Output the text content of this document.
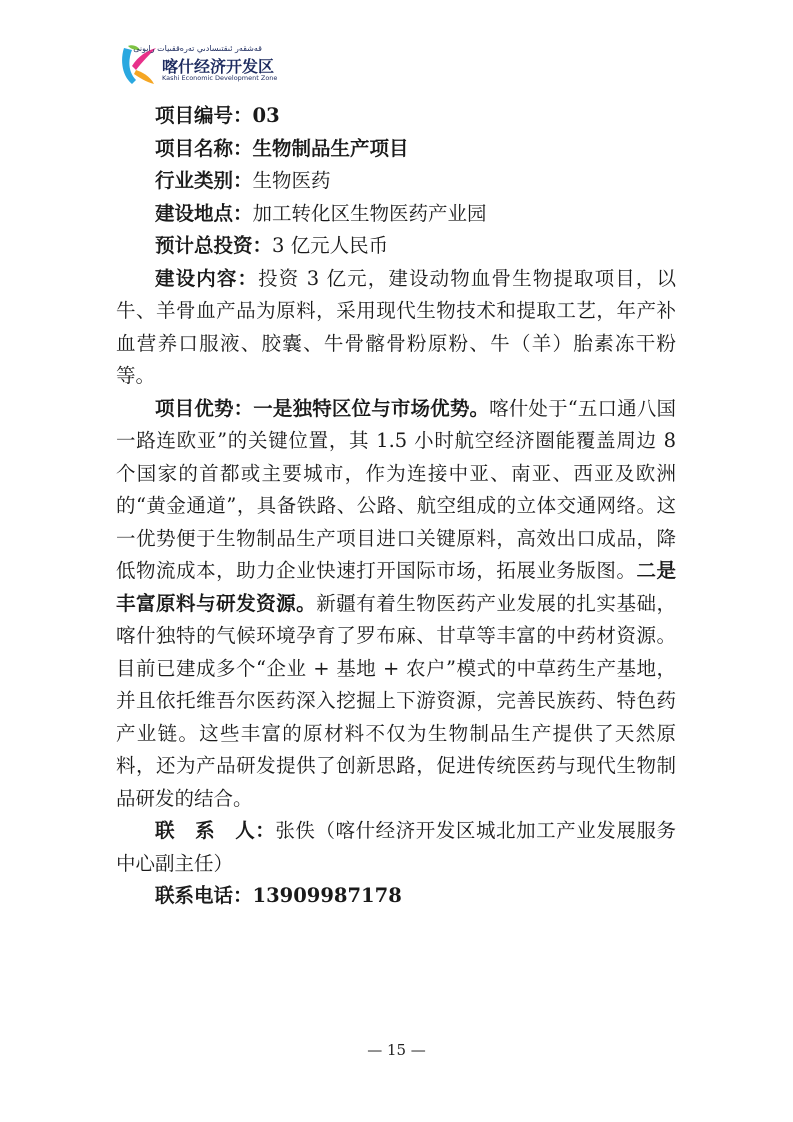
قەشقەر ئىقتىسادىي تەرەققىيات رايونى
喀什经济开发区
Kashi Economic Development Zone
项目编号：03
项目名称：生物制品生产项目
行业类别：生物医药
建设地点：加工转化区生物医药产业园
预计总投资：3 亿元人民币

建设内容：投资 3 亿元，建设动物血骨生物提取项目，以牛、羊骨血产品为原料，采用现代生物技术和提取工艺，年产补血营养口服液、胶囊、牛骨髂骨粉原粉、牛（羊）胎素冻干粉等。

项目优势：一是独特区位与市场优势。喀什处于“五口通八国一路连欧亚”的关键位置，其 1.5 小时航空经济圈能覆盖周边 8 个国家的首都或主要城市，作为连接中亚、南亚、西亚及欧洲的“黄金通道”，具备铁路、公路、航空组成的立体交通网络。这一优势便于生物制品生产项目进口关键原料，高效出口成品，降低物流成本，助力企业快速打开国际市场，拓展业务版图。二是丰富原料与研发资源。新疆有着生物医药产业发展的扎实基础，喀什独特的气候环境孕育了罗布麻、甘草等丰富的中药材资源。目前已建成多个“企业 + 基地 + 农户”模式的中草药生产基地，并且依托维吾尔医药深入挖掘上下游资源，完善民族药、特色药产业链。这些丰富的原材料不仅为生物制品生产提供了天然原料，还为产品研发提供了创新思路，促进传统医药与现代生物制品研发的结合。

联　系　人：张佚（喀什经济开发区城北加工产业发展服务中心副主任）

联系电话：13909987178
— 15 —
